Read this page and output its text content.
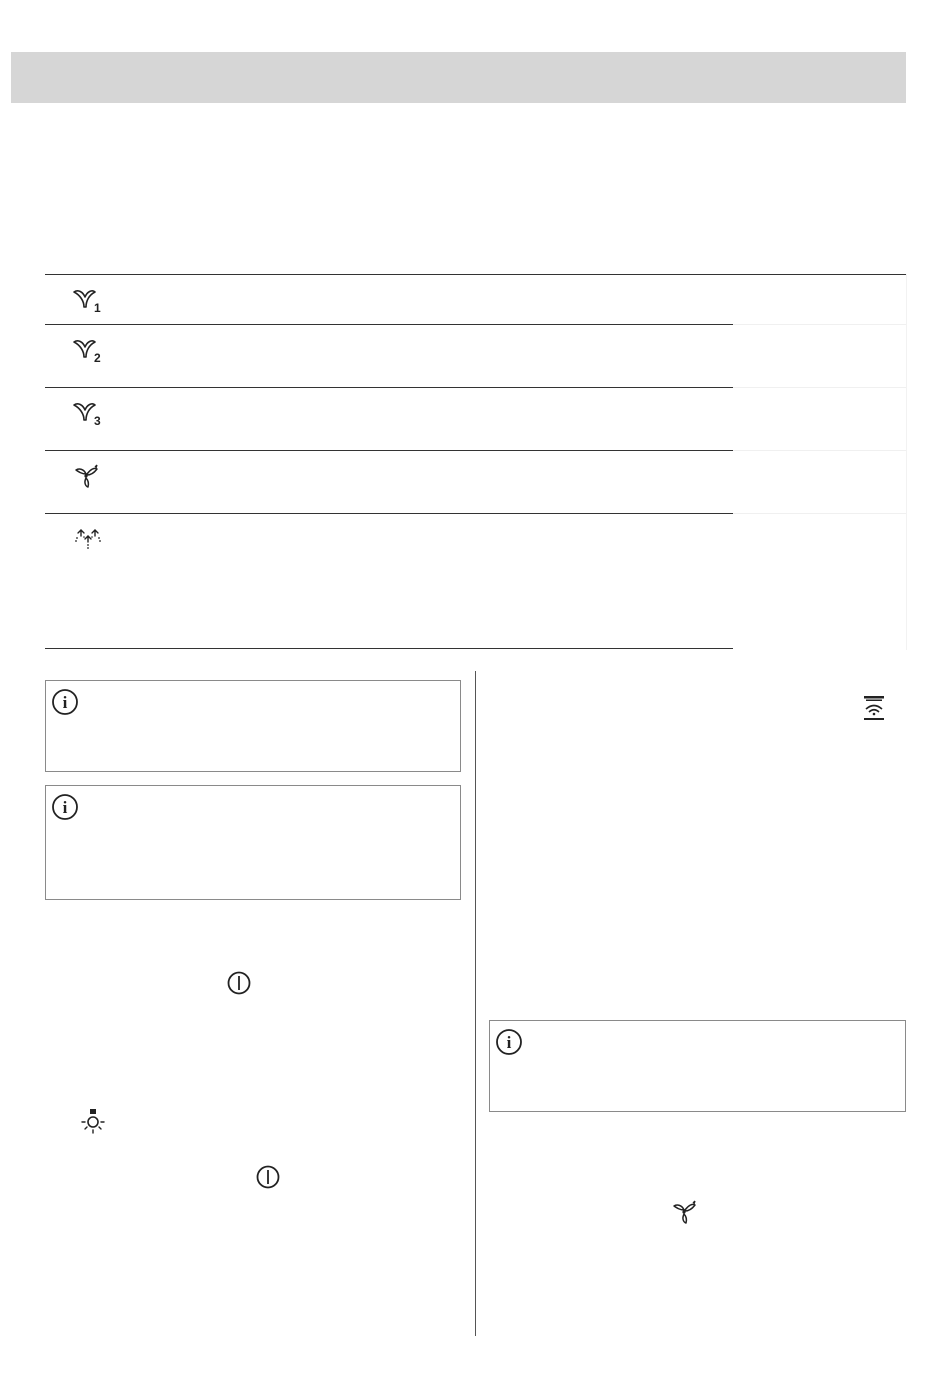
1
2
3
i
i
i
